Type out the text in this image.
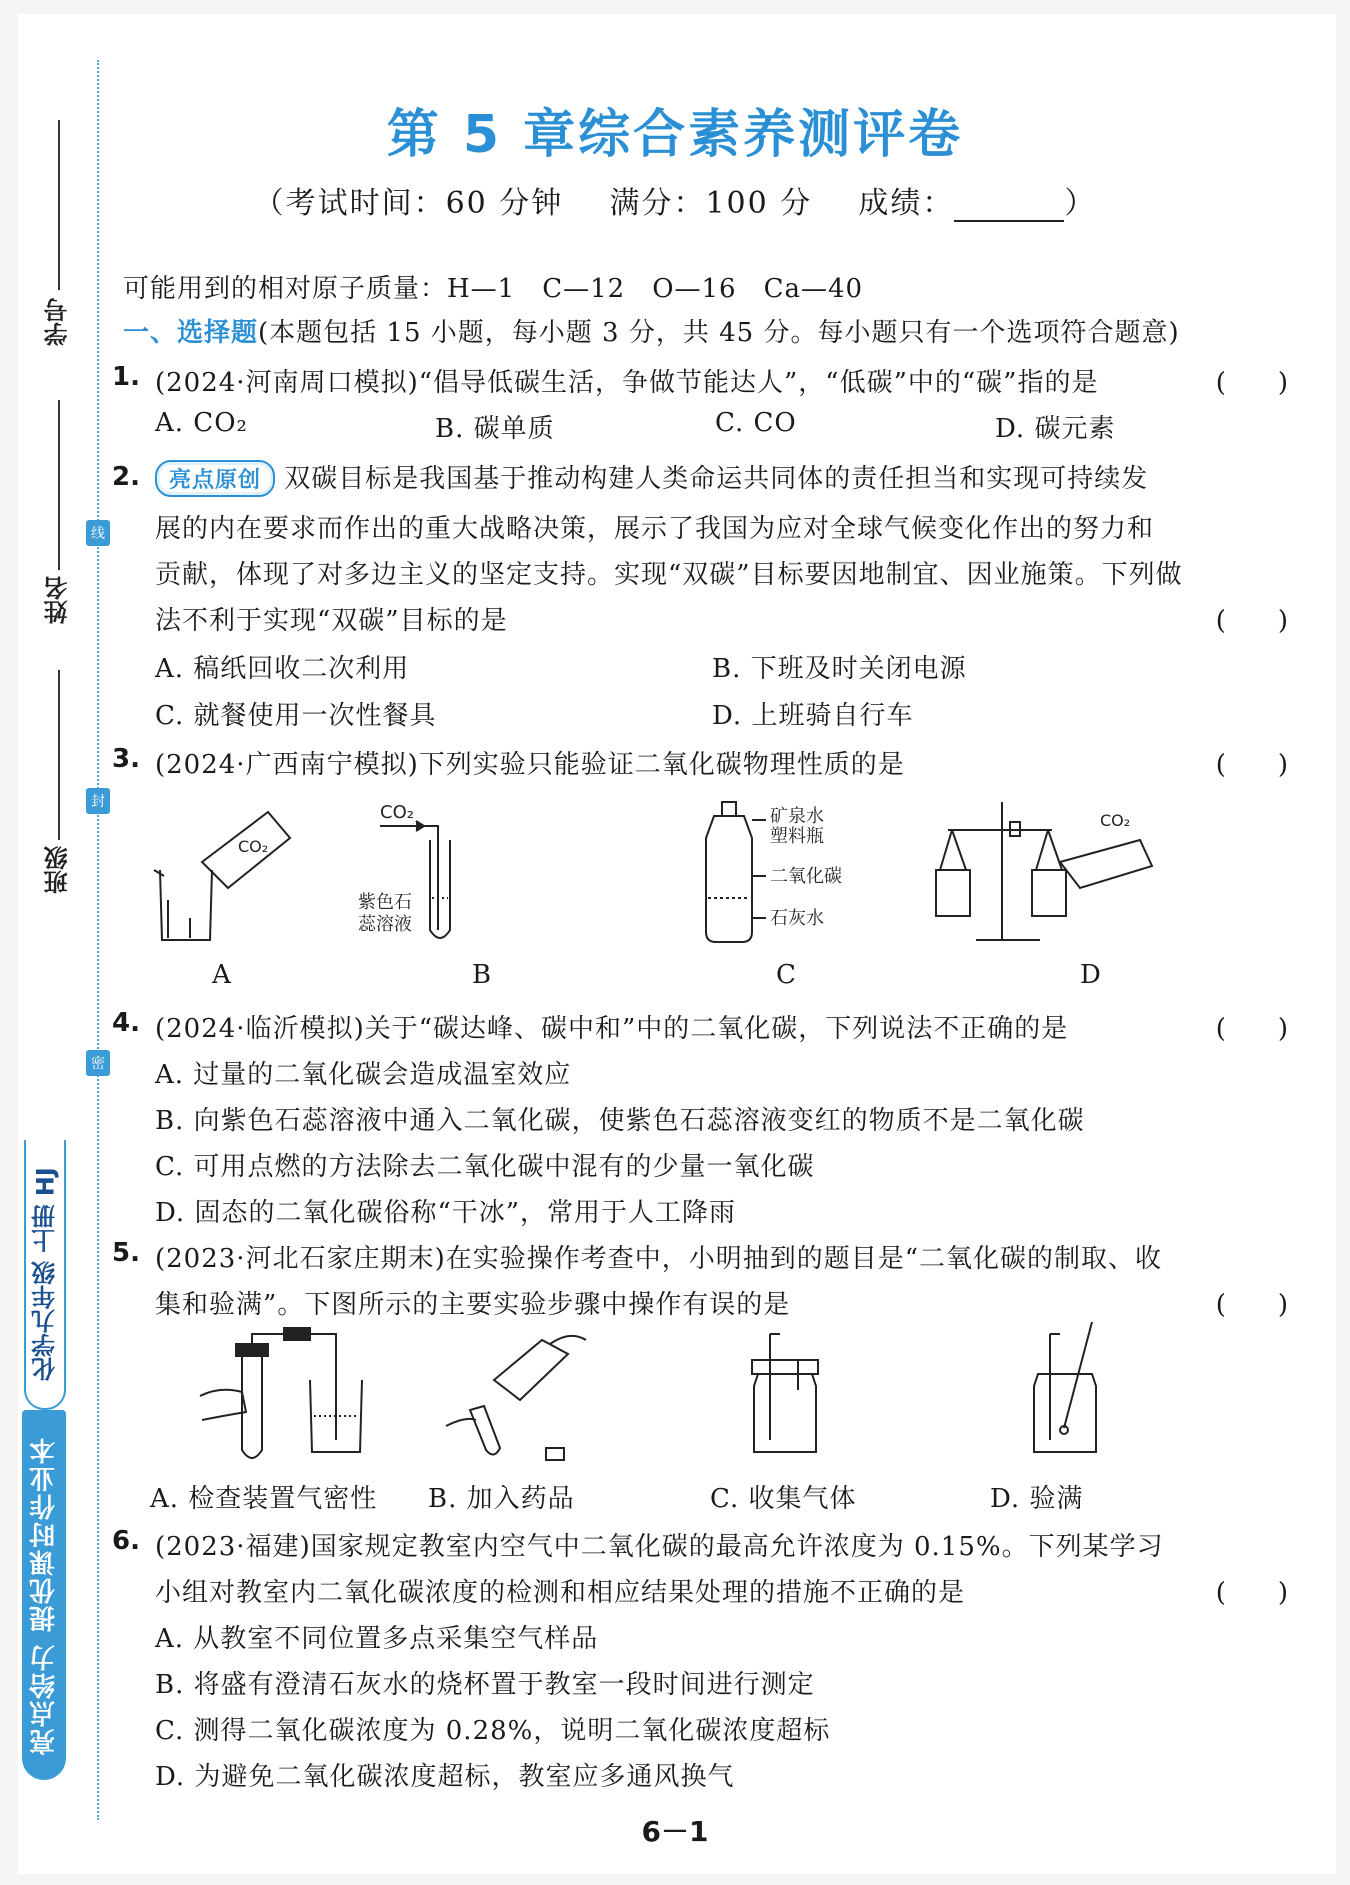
学号
姓名
班级
线
封
密
化学九年级 上册 HJ
亮点给力 提优课时作业本
第 5 章综合素养测评卷
（考试时间：60 分钟 满分：100 分 成绩：	）
可能用到的相对原子质量：H—1　C—12　O—16　Ca—40
一、选择题(本题包括 15 小题，每小题 3 分，共 45 分。每小题只有一个选项符合题意)
1. (2024·河南周口模拟)“倡导低碳生活，争做节能达人”，“低碳”中的“碳”指的是	(　　)
A. CO₂	B. 碳单质	C. CO	D. 碳元素
2.	亮点原创 双碳目标是我国基于推动构建人类命运共同体的责任担当和实现可持续发
展的内在要求而作出的重大战略决策，展示了我国为应对全球气候变化作出的努力和
贡献，体现了对多边主义的坚定支持。实现“双碳”目标要因地制宜、因业施策。下列做
法不利于实现“双碳”目标的是	(　　)
A. 稿纸回收二次利用	B. 下班及时关闭电源
C. 就餐使用一次性餐具	D. 上班骑自行车
3. (2024·广西南宁模拟)下列实验只能验证二氧化碳物理性质的是	(　　)
CO₂
CO₂
紫色石
蕊溶液
矿泉水
塑料瓶
二氧化碳
石灰水
CO₂
A	B	C	D
4. (2024·临沂模拟)关于“碳达峰、碳中和”中的二氧化碳，下列说法不正确的是	(　　)
A. 过量的二氧化碳会造成温室效应
B. 向紫色石蕊溶液中通入二氧化碳，使紫色石蕊溶液变红的物质不是二氧化碳
C. 可用点燃的方法除去二氧化碳中混有的少量一氧化碳
D. 固态的二氧化碳俗称“干冰”，常用于人工降雨
5. (2023·河北石家庄期末)在实验操作考查中，小明抽到的题目是“二氧化碳的制取、收
集和验满”。下图所示的主要实验步骤中操作有误的是	(　　)
A. 检查装置气密性 B. 加入药品	C. 收集气体	D. 验满
6. (2023·福建)国家规定教室内空气中二氧化碳的最高允许浓度为 0.15%。下列某学习
小组对教室内二氧化碳浓度的检测和相应结果处理的措施不正确的是	(　　)
A. 从教室不同位置多点采集空气样品
B. 将盛有澄清石灰水的烧杯置于教室一段时间进行测定
C. 测得二氧化碳浓度为 0.28%，说明二氧化碳浓度超标
D. 为避免二氧化碳浓度超标，教室应多通风换气
6－1
